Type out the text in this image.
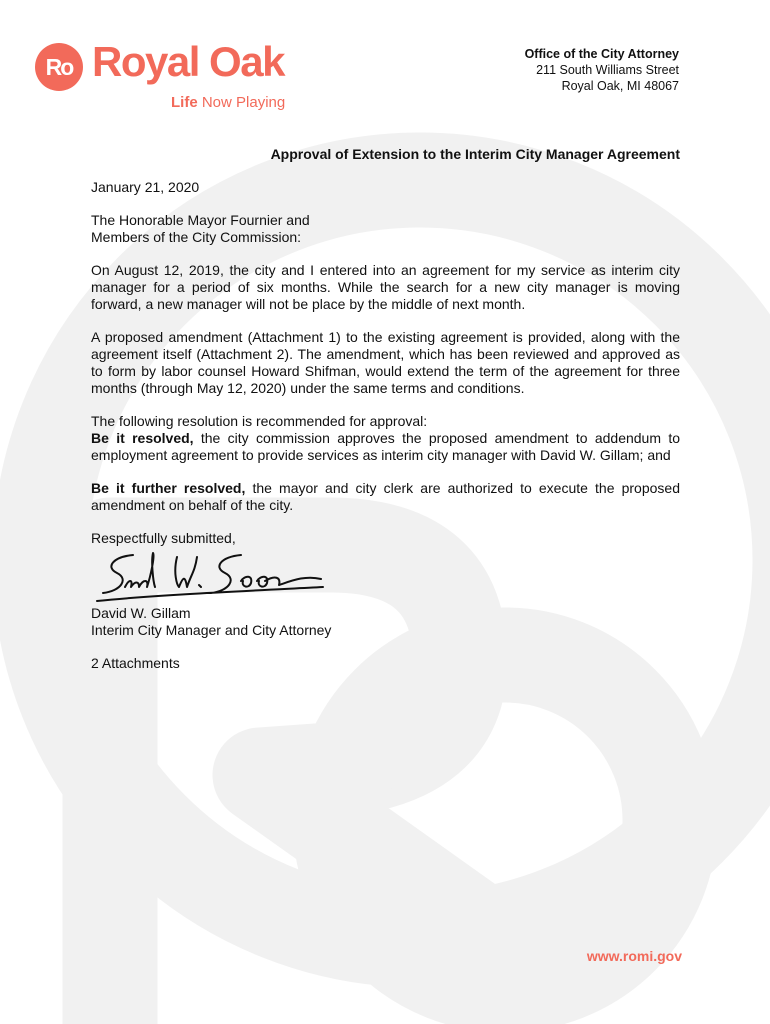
Ro Royal Oak
Life Now Playing
Office of the City Attorney
211 South Williams Street
Royal Oak, MI 48067

Approval of Extension to the Interim City Manager Agreement

January 21, 2020

The Honorable Mayor Fournier and

Members of the City Commission:

On August 12, 2019, the city and I entered into an agreement for my service as interim city manager for a period of six months. While the search for a new city manager is moving forward, a new manager will not be place by the middle of next month.

A proposed amendment (Attachment 1) to the existing agreement is provided, along with the agreement itself (Attachment 2). The amendment, which has been reviewed and approved as to form by labor counsel Howard Shifman, would extend the term of the agreement for three months (through May 12, 2020) under the same terms and conditions.

The following resolution is recommended for approval:

Be it resolved, the city commission approves the proposed amendment to addendum to employment agreement to provide services as interim city manager with David W. Gillam; and

Be it further resolved, the mayor and city clerk are authorized to execute the proposed amendment on behalf of the city.

Respectfully submitted,

David W. Gillam

Interim City Manager and City Attorney

2 Attachments

www.romi.gov
